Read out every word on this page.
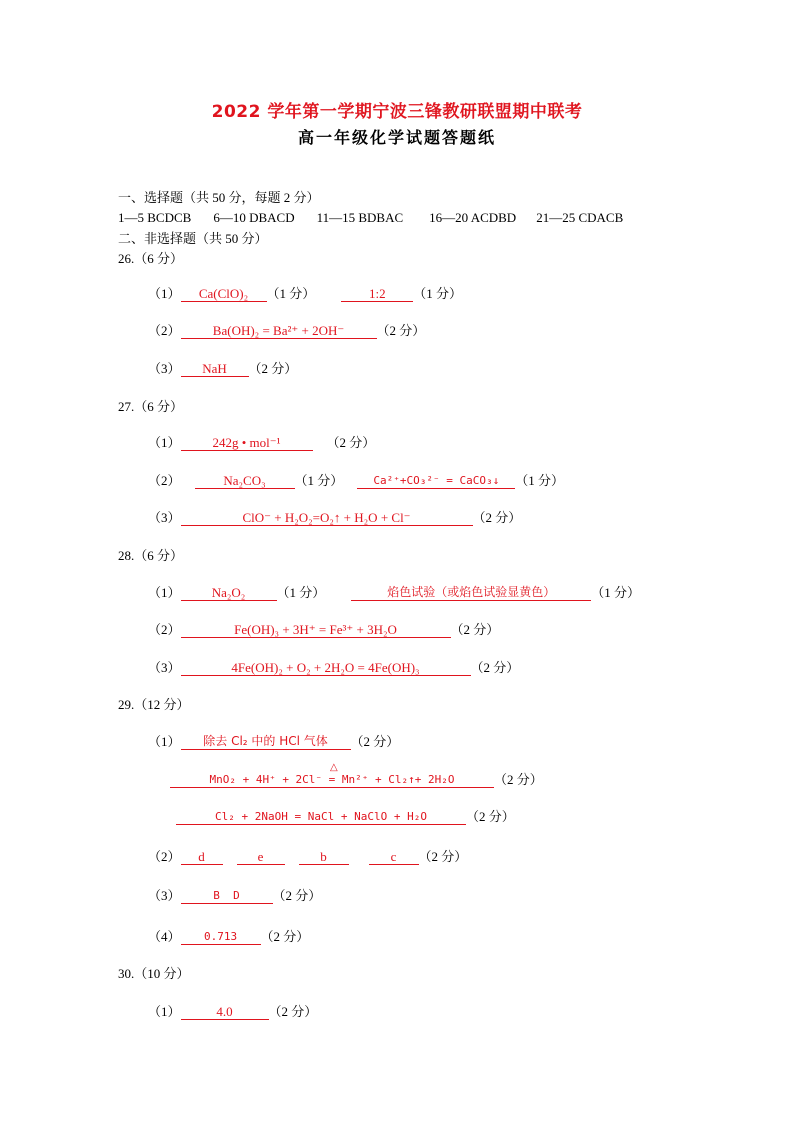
2022 学年第一学期宁波三锋教研联盟期中联考
高一年级化学试题答题纸
一、选择题（共 50 分，每题 2 分）
1—5 BCDCB 6—10 DBACD 11—15 BDBAC 16—20 ACDBD 21—25 CDACB
二、非选择题（共 50 分）
26.（6 分）
（1） Ca(ClO)₂ （1 分）	1:2 （1 分）
（2） Ba(OH)₂ = Ba²⁺ + 2OH⁻ （2 分）
（3） NaH （2 分）
27.（6 分）
（1） 242g • mol⁻¹	（2 分）
（2）	Na₂CO₃ （1 分）	Ca²⁺+CO₃²⁻ = CaCO₃↓ （1 分）
（3）	ClO⁻ + H₂O₂=O₂↑ + H₂O + Cl⁻	（2 分）
28.（6 分）
（1） Na₂O₂ （1 分）	焰色试验（或焰色试验显黄色）	（1 分）
（2）	Fe(OH)₃ + 3H⁺ = Fe³⁺ + 3H₂O	（2 分）
（3）	4Fe(OH)₂ + O₂ + 2H₂O = 4Fe(OH)₃	（2 分）
29.（12 分）
（1） 除去 Cl₂ 中的 HCl 气体 （2 分）
△
MnO₂ + 4H⁺ + 2Cl⁻ = Mn²⁺ + Cl₂↑+ 2H₂O	（2 分）
Cl₂ + 2NaOH = NaCl + NaClO + H₂O	（2 分）
（2） d	e	b	c （2 分）
（3）	B  D	（2 分）
（4） 0.713 （2 分）
30.（10 分）
（1）	4.0	（2 分）
